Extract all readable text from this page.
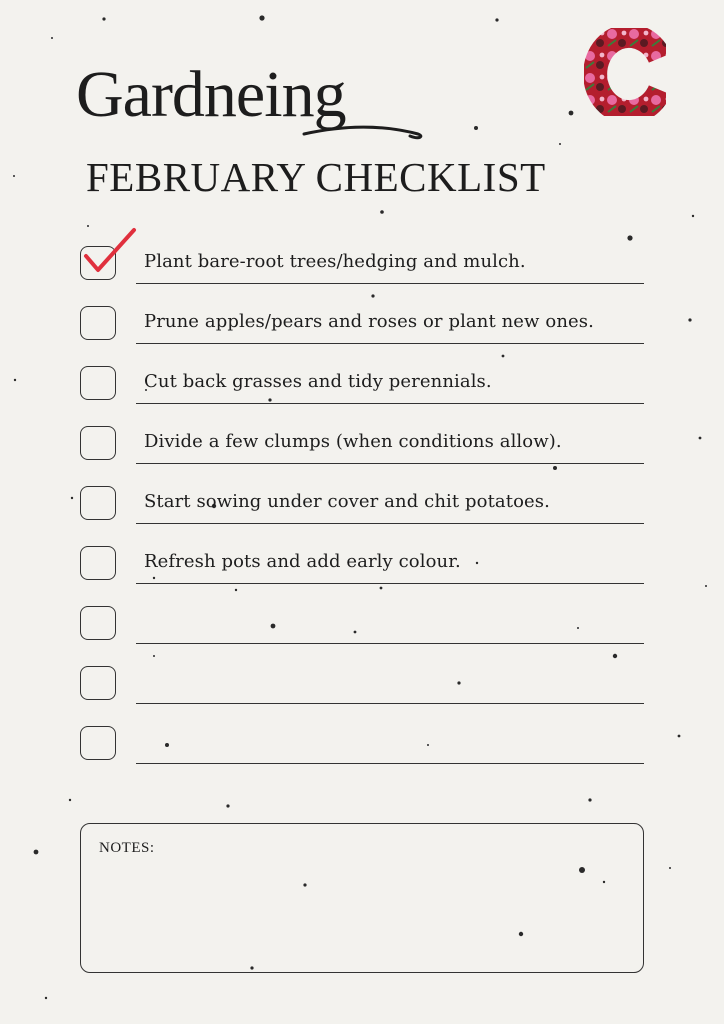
Gardneing
FEBRUARY CHECKLIST
Plant bare-root trees/hedging and mulch.
Prune apples/pears and roses or plant new ones.
Cut back grasses and tidy perennials.
Divide a few clumps (when conditions allow).
Start sowing under cover and chit potatoes.
Refresh pots and add early colour.
NOTES:
